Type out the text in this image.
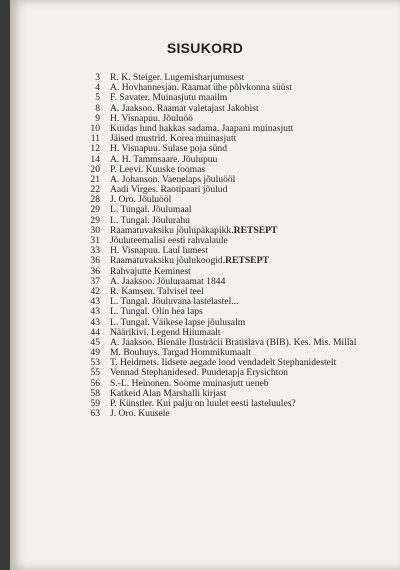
SISUKORD
3	R. K. Steiger. Lugemisharjumusest
4	A. Hovhannesjan. Raamat ühe põlvkonna süüst
5	F. Savater. Muinasjutu maailm
8	A. Jaaksoo. Raamat valetajast Jakobist
9	H. Visnapuu. Jõuluöö
10	Kuidas lund hakkas sadama. Jaapani muinasjutt
11	Jäised mustrid. Korea muinasjutt
12	H. Visnapuu. Sulase poja sünd
14	A. H. Tammsaare. Jõulupuu
20	P. Leevi. Kuuske toomas
21	A. Johanson. Vaenelaps jõuluööl
22	Aadi Virges. Raotipaari jõulud
28	J. Oro. Jõuluööl
29	L. Tungal. Jõulumaal
29	L. Tungal. Jõulurahu
30	Raamatuvaksiku jõulupäkapikk. RETSEPT
31	Jõuluteemalisi eesti rahvalaule
33	H. Visnapuu. Laul lumest
36	Raamatuvaksiku jõulukoogid. RETSEPT
36	Rahvajutte Keminest
37	A. Jaaksoo. Jõuluraamat 1844
42	R. Kamsen. Talvisel teel
43	L. Tungal. Jõuluvana lastelastel...
43	L. Tungal. Olin hea laps
43	L. Tungal. Väikese lapse jõulusalm
44	Näärikivi. Legend Hiiumaalt
45	A. Jaaksoo. Bienále Ilustrácií Bratislava (BIB). Kes. Mis. Millal
49	M. Bouhuys. Targad Hommikumaalt
53	T. Heidmets. Iidsete aegade lood vendadelt Stephanidestelt
55	Vennad Stephanidesed. Puudetapja Erysichton
56	S.-L. Heinonen. Soome muinasjutt ueneb
58	Katkeid Alan Marshalli kirjast
59	P. Künstler. Kui palju on luulet eesti lasteluules?
63	J. Oro. Kuusele
